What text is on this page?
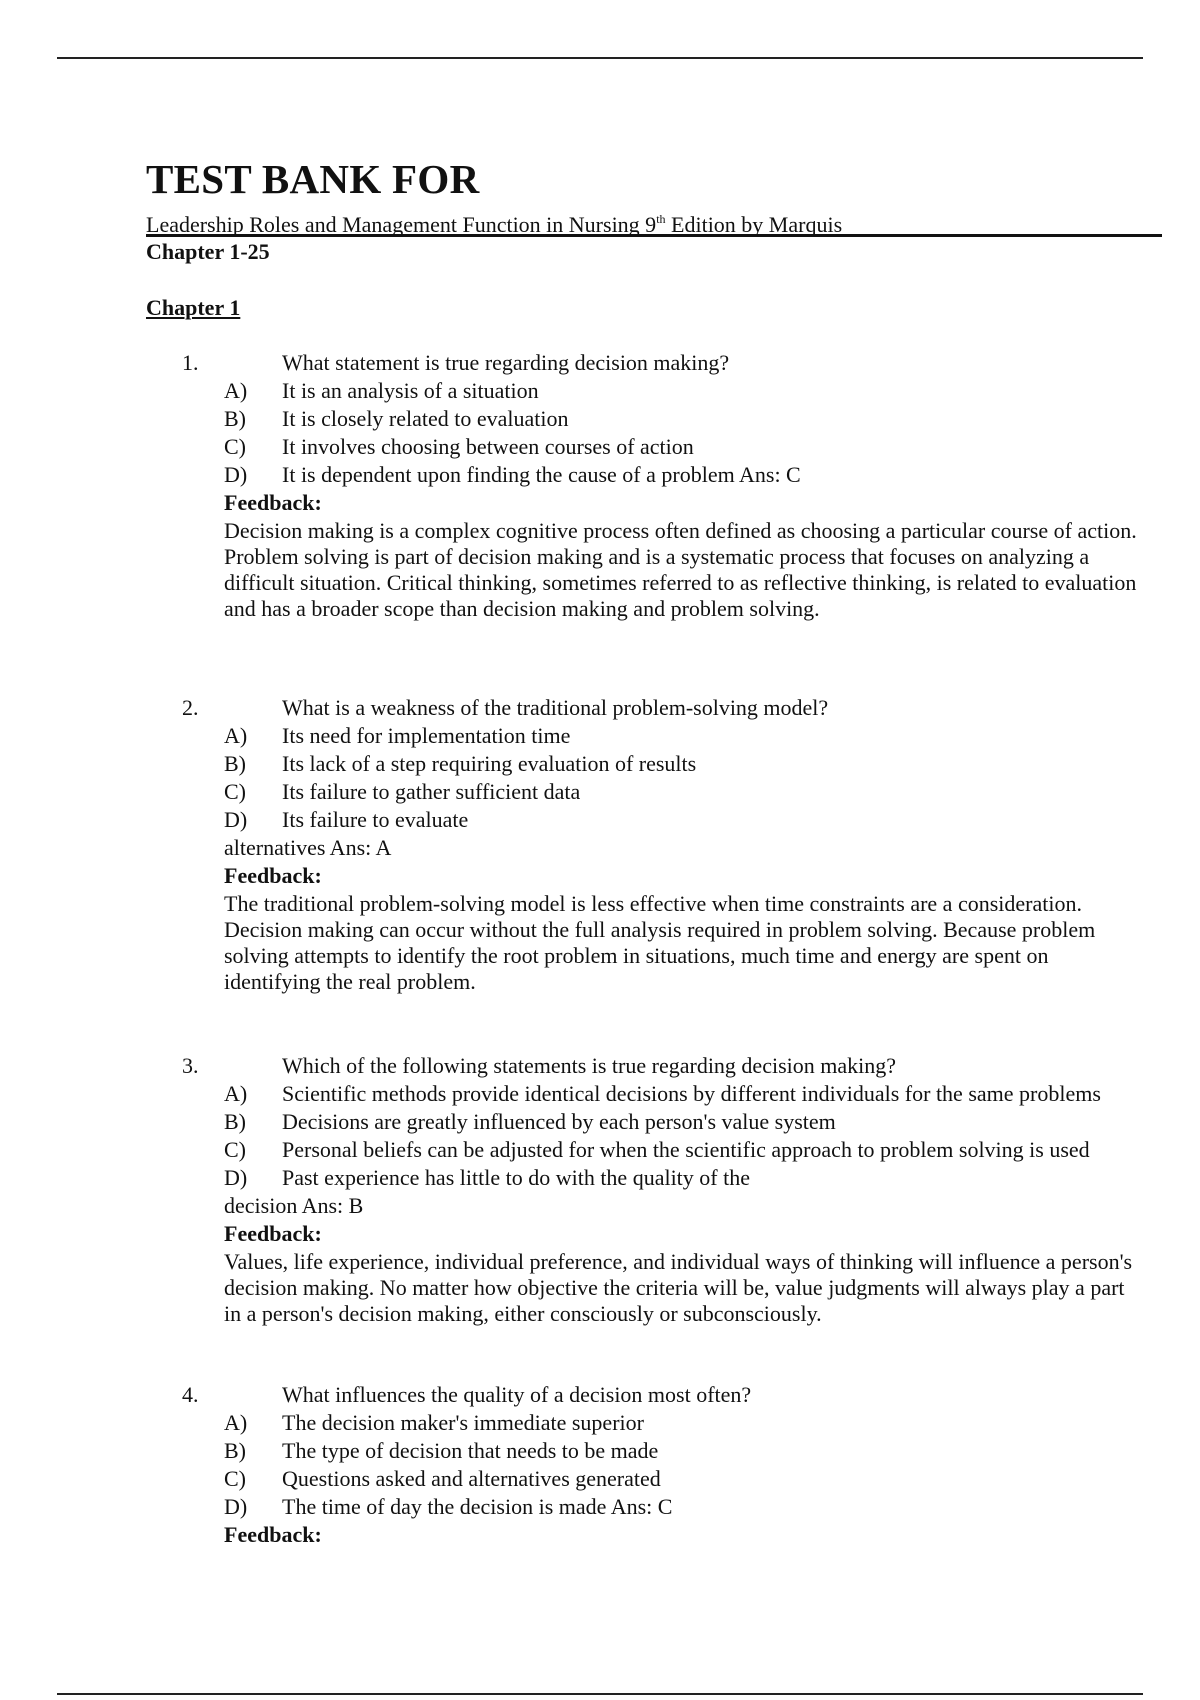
TEST BANK FOR
Leadership Roles and Management Function in Nursing 9th Edition by Marquis
Chapter 1-25
Chapter 1
1.	What statement is true regarding decision making?
A) It is an analysis of a situation
B) It is closely related to evaluation
C) It involves choosing between courses of action
D) It is dependent upon finding the cause of a problem Ans: C
Feedback:
Decision making is a complex cognitive process often defined as choosing a particular course of action. Problem solving is part of decision making and is a systematic process that focuses on analyzing a difficult situation. Critical thinking, sometimes referred to as reflective thinking, is related to evaluation and has a broader scope than decision making and problem solving.
2.	What is a weakness of the traditional problem-solving model?
A) Its need for implementation time
B) Its lack of a step requiring evaluation of results
C) Its failure to gather sufficient data
D) Its failure to evaluate
alternatives Ans: A
Feedback:
The traditional problem-solving model is less effective when time constraints are a consideration. Decision making can occur without the full analysis required in problem solving. Because problem solving attempts to identify the root problem in situations, much time and energy are spent on identifying the real problem.
3.	Which of the following statements is true regarding decision making?
A) Scientific methods provide identical decisions by different individuals for the same problems
B) Decisions are greatly influenced by each person's value system
C) Personal beliefs can be adjusted for when the scientific approach to problem solving is used
D) Past experience has little to do with the quality of the
decision Ans: B
Feedback:
Values, life experience, individual preference, and individual ways of thinking will influence a person's decision making. No matter how objective the criteria will be, value judgments will always play a part in a person's decision making, either consciously or subconsciously.
4.	What influences the quality of a decision most often?
A) The decision maker's immediate superior
B) The type of decision that needs to be made
C) Questions asked and alternatives generated
D) The time of day the decision is made Ans: C
Feedback:
